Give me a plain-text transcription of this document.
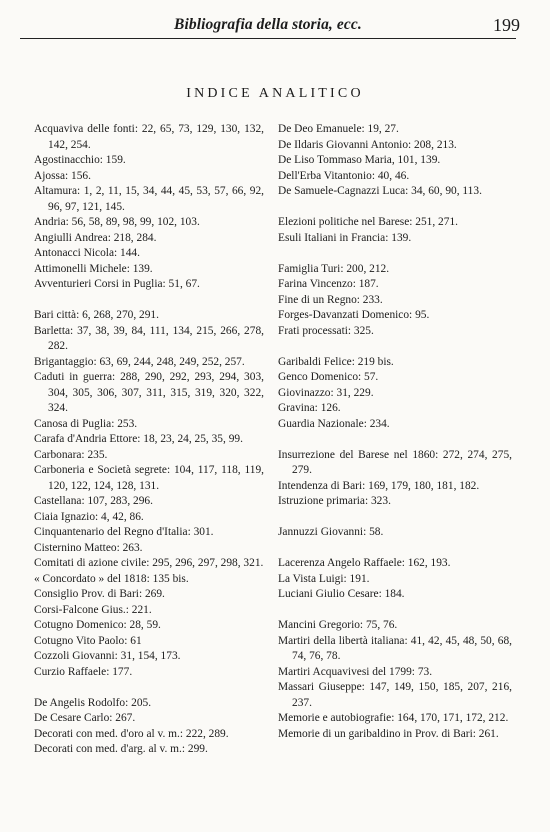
Bibliografia della storia, ecc.	199
INDICE ANALITICO
Acquaviva delle fonti: 22, 65, 73, 129, 130, 132, 142, 254.
Agostinacchio: 159.
Ajossa: 156.
Altamura: 1, 2, 11, 15, 34, 44, 45, 53, 57, 66, 92, 96, 97, 121, 145.
Andria: 56, 58, 89, 98, 99, 102, 103.
Angiulli Andrea: 218, 284.
Antonacci Nicola: 144.
Attimonelli Michele: 139.
Avventurieri Corsi in Puglia: 51, 67.
Bari città: 6, 268, 270, 291.
Barletta: 37, 38, 39, 84, 111, 134, 215, 266, 278, 282.
Brigantaggio: 63, 69, 244, 248, 249, 252, 257.
Caduti in guerra: 288, 290, 292, 293, 294, 303, 304, 305, 306, 307, 311, 315, 319, 320, 322, 324.
Canosa di Puglia: 253.
Carafa d'Andria Ettore: 18, 23, 24, 25, 35, 99.
Carbonara: 235.
Carboneria e Società segrete: 104, 117, 118, 119, 120, 122, 124, 128, 131.
Castellana: 107, 283, 296.
Ciaia Ignazio: 4, 42, 86.
Cinquantenario del Regno d'Italia: 301.
Cisternino Matteo: 263.
Comitati di azione civile: 295, 296, 297, 298, 321.
« Concordato » del 1818: 135 bis.
Consiglio Prov. di Bari: 269.
Corsi-Falcone Gius.: 221.
Cotugno Domenico: 28, 59.
Cotugno Vito Paolo: 61
Cozzoli Giovanni: 31, 154, 173.
Curzio Raffaele: 177.
De Angelis Rodolfo: 205.
De Cesare Carlo: 267.
Decorati con med. d'oro al v. m.: 222, 289.
Decorati con med. d'arg. al v. m.: 299.
De Deo Emanuele: 19, 27.
De Ildaris Giovanni Antonio: 208, 213.
De Liso Tommaso Maria, 101, 139.
Dell'Erba Vitantonio: 40, 46.
De Samuele-Cagnazzi Luca: 34, 60, 90, 113.
Elezioni politiche nel Barese: 251, 271.
Esuli Italiani in Francia: 139.
Famiglia Turi: 200, 212.
Farina Vincenzo: 187.
Fine di un Regno: 233.
Forges-Davanzati Domenico: 95.
Frati processati: 325.
Garibaldi Felice: 219 bis.
Genco Domenico: 57.
Giovinazzo: 31, 229.
Gravina: 126.
Guardia Nazionale: 234.
Insurrezione del Barese nel 1860: 272, 274, 275, 279.
Intendenza di Bari: 169, 179, 180, 181, 182.
Istruzione primaria: 323.
Jannuzzi Giovanni: 58.
Lacerenza Angelo Raffaele: 162, 193.
La Vista Luigi: 191.
Luciani Giulio Cesare: 184.
Mancini Gregorio: 75, 76.
Martiri della libertà italiana: 41, 42, 45, 48, 50, 68, 74, 76, 78.
Martiri Acquavivesi del 1799: 73.
Massari Giuseppe: 147, 149, 150, 185, 207, 216, 237.
Memorie e autobiografie: 164, 170, 171, 172, 212.
Memorie di un garibaldino in Prov. di Bari: 261.
